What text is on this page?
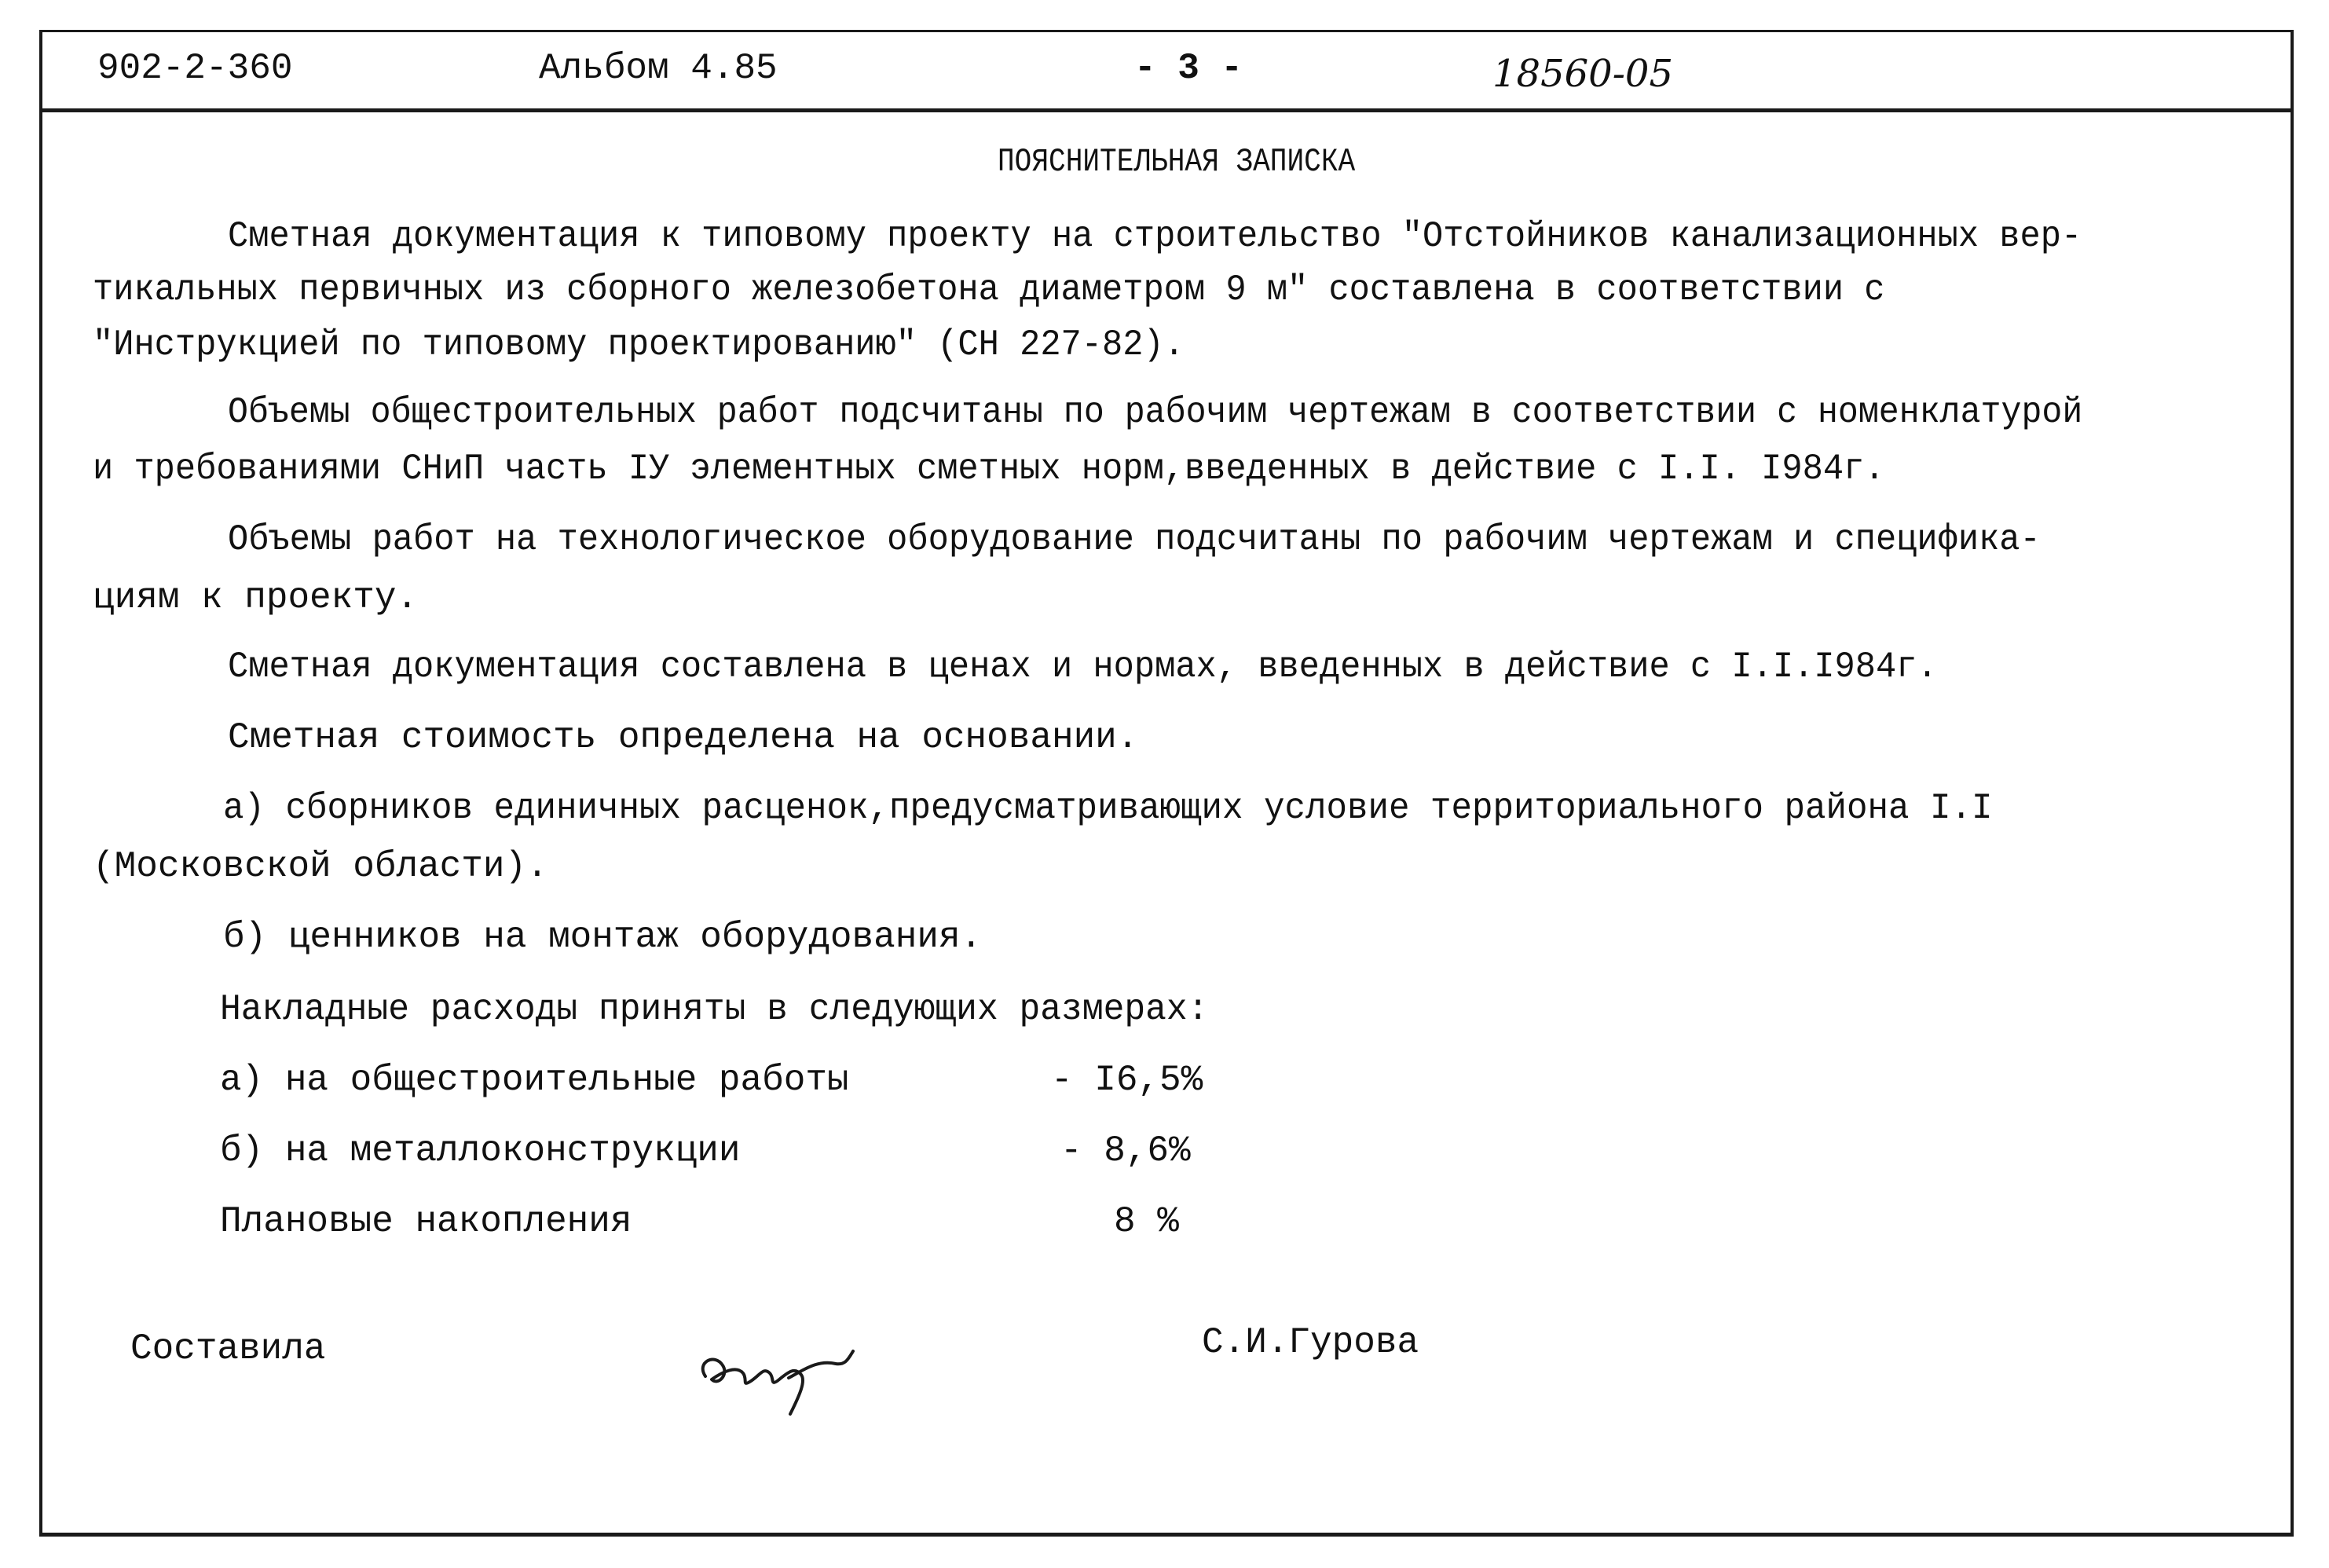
902-2-360	Альбом 4.85	- 3 -	18560-05
ПОЯСНИТЕЛЬНАЯ ЗАПИСКА
Сметная документация к типовому проекту на строительство "Отстойников канализационных вер-
тикальных первичных из сборного железобетона диаметром 9 м" составлена в соответствии с
"Инструкцией по типовому проектированию" (СН 227-82).
Объемы общестроительных работ подсчитаны по рабочим чертежам в соответствии с номенклатурой
и требованиями СНиП часть IУ элементных сметных норм,введенных в действие с I.I. I984г.
Объемы работ на технологическое оборудование подсчитаны по рабочим чертежам и специфика-
циям к проекту.
Сметная документация составлена в ценах и нормах, введенных в действие с I.I.I984г.
Сметная стоимость определена на основании.
а) сборников единичных расценок,предусматривающих условие территориального района I.I
(Московской области).
б) ценников на монтаж оборудования.
Накладные расходы приняты в следующих размерах:
а) на общестроительные работы	- I6,5%
б) на металлоконструкции	- 8,6%
Плановые накопления	8 %
Составила	С.И.Гурова
